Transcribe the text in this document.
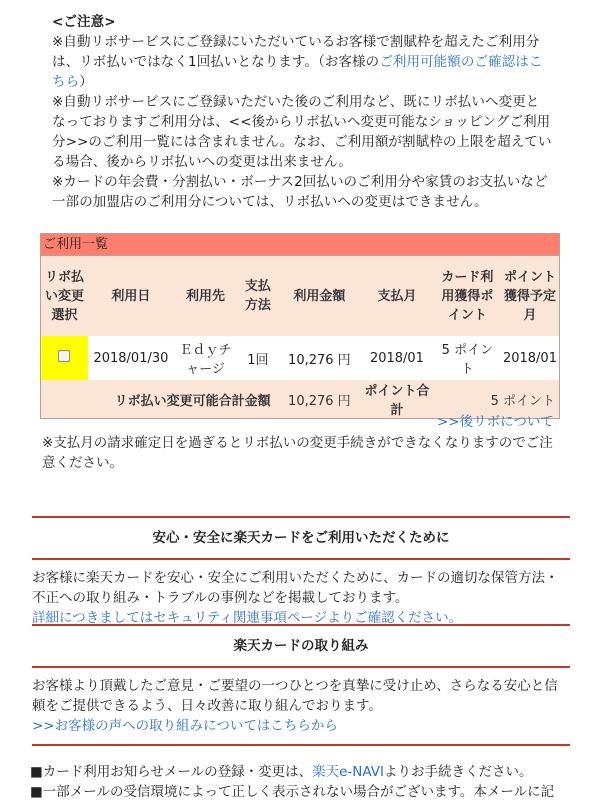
<ご注意>

※自動リボサービスにご登録にいただいているお客様で割賦枠を超えたご利用分は、リボ払いではなく1回払いとなります。（お客様のご利用可能額のご確認はこちら）

※自動リボサービスにご登録いただいた後のご利用など、既にリボ払いへ変更となっておりますご利用分は、<<後からリボ払いへ変更可能なショッピングご利用分>>のご利用一覧には含まれません。なお、ご利用額が割賦枠の上限を超えている場合、後からリボ払いへの変更は出来ません。

※カードの年会費・分割払い・ボーナス2回払いのご利用分や家賃のお支払いなど一部の加盟店のご利用分については、リボ払いへの変更はできません。

ご利用一覧
リボ払い変更選択	利用日	利用先	支払方法	利用金額	支払月	カード利用獲得ポイント	ポイント獲得予定月
	2018/01/30	Ｅｄｙチャージ	1回	10,276 円	2018/01	5 ポイント	2018/01
リボ払い変更可能合計金額				10,276 円	ポイント合計	5 ポイント	
>>後リボについて
※支払月の請求確定日を過ぎるとリボ払いの変更手続きができなくなりますのでご注意ください。
安心・安全に楽天カードをご利用いただくために
お客様に楽天カードを安心・安全にご利用いただくために、カードの適切な保管方法・不正への取り組み・トラブルの事例などを掲載しております。
詳細につきましてはセキュリティ関連事項ページよりご確認ください。
楽天カードの取り組み
お客様より頂戴したご意見・ご要望の一つひとつを真摯に受け止め、さらなる安心と信頼をご提供できるよう、日々改善に取り組んでおります。
>>お客様の声への取り組みについてはこちらから
■カード利用お知らせメールの登録・変更は、楽天e-NAVIよりお手続きください。
■一部メールの受信環境によって正しく表示されない場合がございます。本メールに記
